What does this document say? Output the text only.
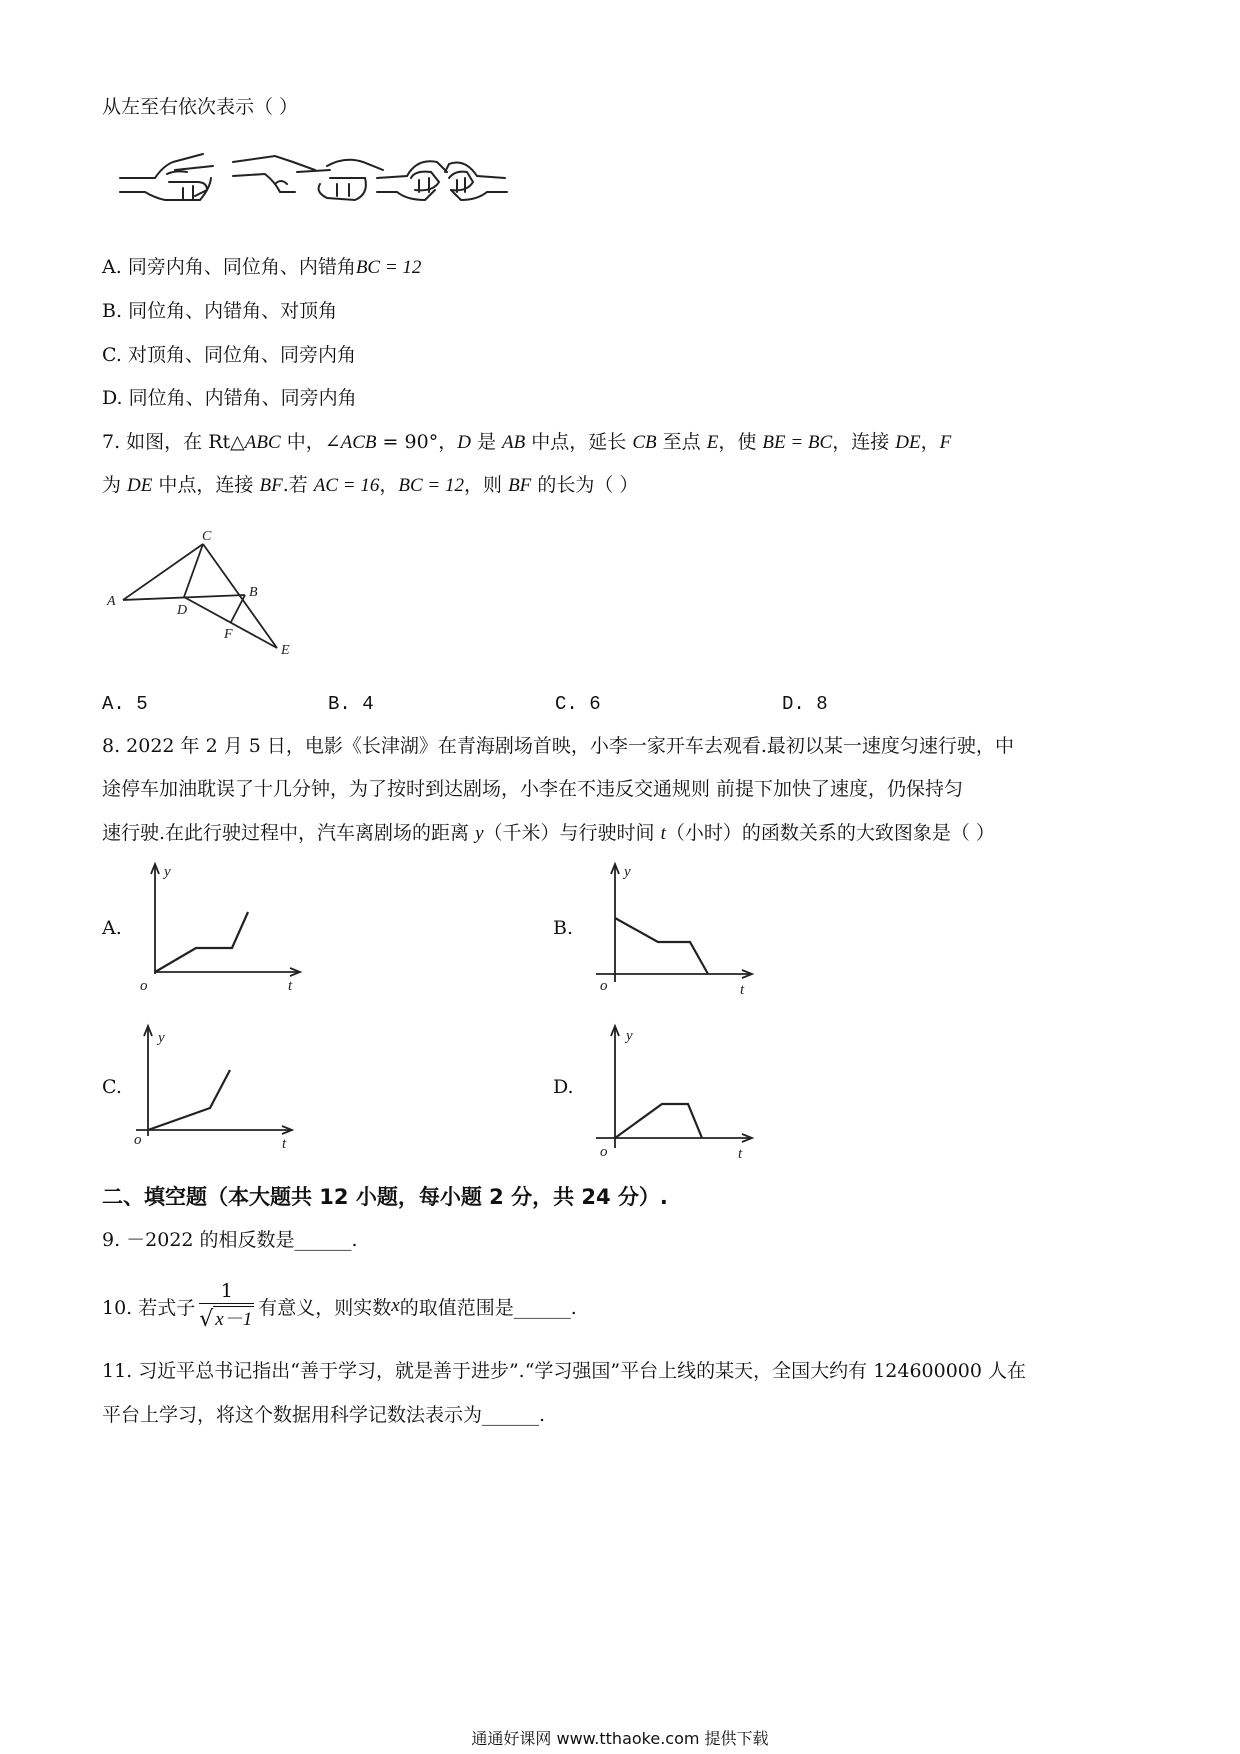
从左至右依次表示（ ）
A. 同旁内角、同位角、内错角BC = 12
B. 同位角、内错角、对顶角
C. 对顶角、同位角、同旁内角
D. 同位角、内错角、同旁内角
7. 如图，在 Rt△ABC 中，∠ACB = 90°，D 是 AB 中点，延长 CB 至点 E，使 BE = BC，连接 DE，F
为 DE 中点，连接 BF.若 AC = 16，BC = 12，则 BF 的长为（ ）
A
B
C
D
E
F
A. 5	B. 4	C. 6	D. 8
8. 2022 年 2 月 5 日，电影《长津湖》在青海剧场首映，小李一家开车去观看.最初以某一速度匀速行驶，中
途停车加油耽误了十几分钟，为了按时到达剧场，小李在不违反交通规则 前提下加快了速度，仍保持匀
速行驶.在此行驶过程中，汽车离剧场的距离 y（千米）与行驶时间 t（小时）的函数关系的大致图象是（ ）
A.
y
t
o
B.
y
t
o
C.
y
t
o
D.
y
t
o
二、填空题（本大题共 12 小题，每小题 2 分，共 24 分）.
9. －2022 的相反数是______.
10. 若式子 $\frac{1}{√ x-1}$ 有意义，则实数 x 的取值范围是______.
11. 习近平总书记指出“善于学习，就是善于进步”.“学习强国”平台上线的某天，全国大约有 124600000 人在
平台上学习，将这个数据用科学记数法表示为______.
通通好课网 www.tthaoke.com 提供下载
